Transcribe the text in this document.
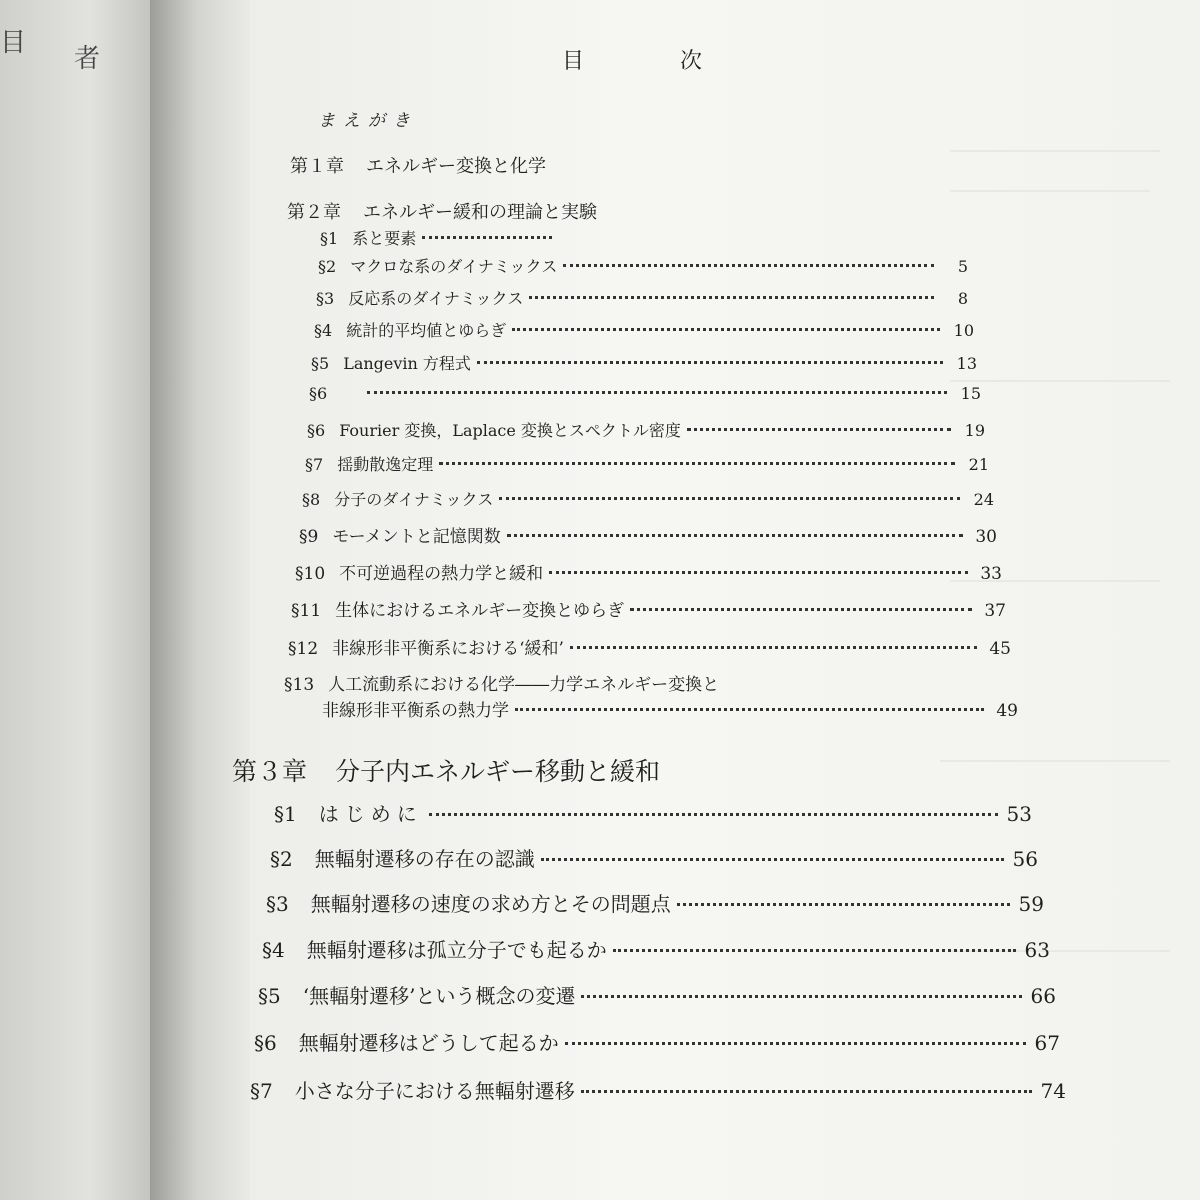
目
者	目	次
まえがき
第１章 エネルギー変換と化学
第２章 エネルギー緩和の理論と実験
§1 系と要素
§2 マクロな系のダイナミックス	5
§3 反応系のダイナミックス	8
§4 統計的平均値とゆらぎ	10
§5 Langevin 方程式	13
§6	15
§6 Fourier 変換，Laplace 変換とスペクトル密度	19
§7 揺動散逸定理	21
§8 分子のダイナミックス	24
§9 モーメントと記憶関数	30
§10 不可逆過程の熱力学と緩和	33
§11 生体におけるエネルギー変換とゆらぎ	37
§12 非線形非平衡系における‘緩和’	45
§13 人工流動系における化学――力学エネルギー変換と
非線形非平衡系の熱力学	49
第３章 分子内エネルギー移動と緩和
§1 はじめに	53
§2 無輻射遷移の存在の認識	56
§3 無輻射遷移の速度の求め方とその問題点	59
§4 無輻射遷移は孤立分子でも起るか	63
§5 ‘無輻射遷移’という概念の変遷	66
§6 無輻射遷移はどうして起るか	67
§7 小さな分子における無輻射遷移	74
